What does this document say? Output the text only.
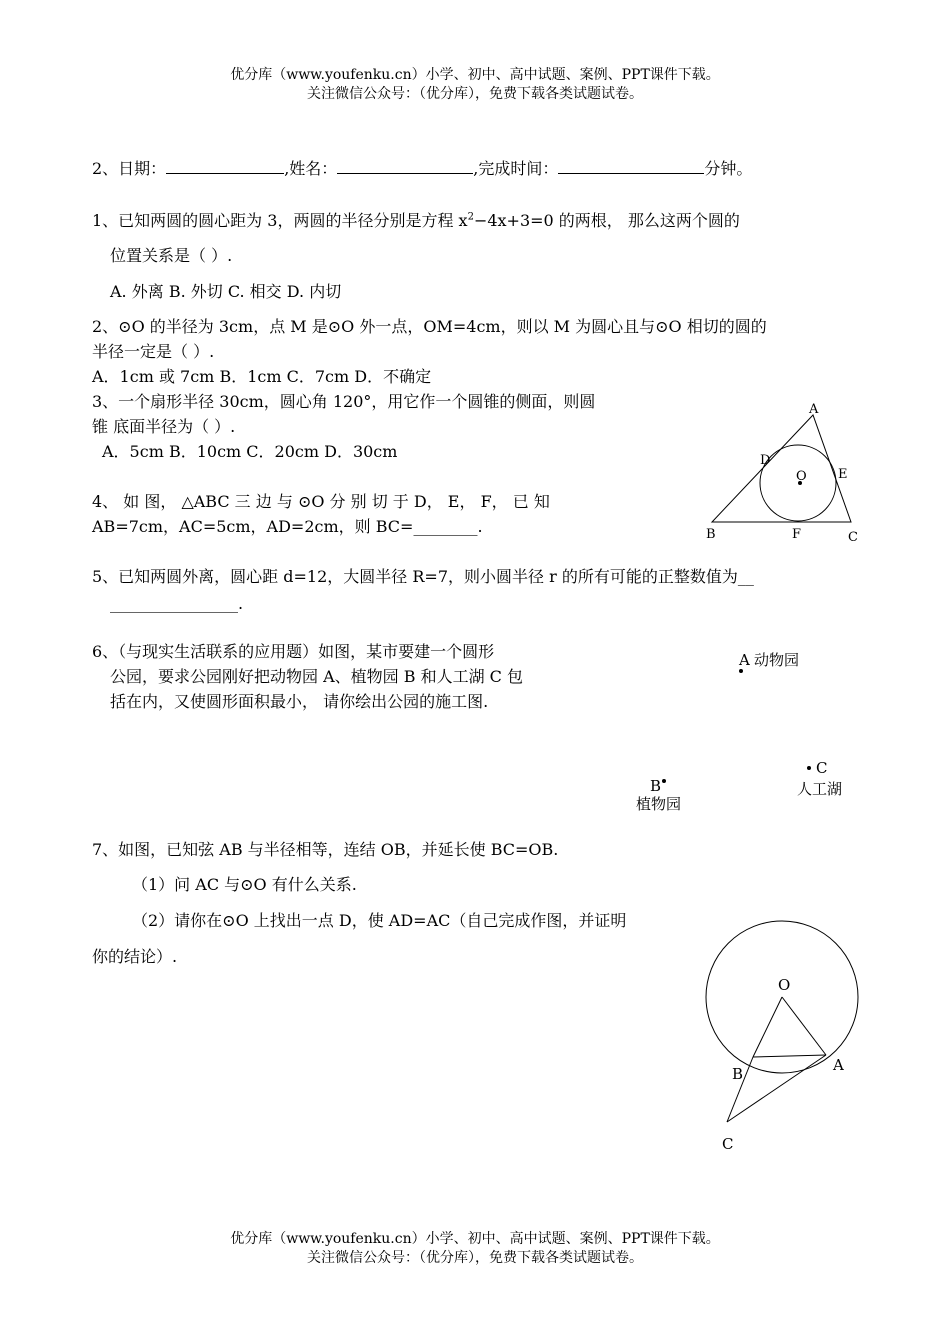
优分库（www.youfenku.cn）小学、初中、高中试题、案例、PPT课件下载。
关注微信公众号：（优分库），免费下载各类试题试卷。
2、日期：	,姓名：	,完成时间：	分钟。
1、已知两圆的圆心距为 3，两圆的半径分别是方程 $x^2-4x+3=0$ 的两根， 那么这两个圆的
位置关系是（ ）.
A. 外离 B. 外切 C. 相交 D. 内切
2、⊙O 的半径为 3cm，点 M 是⊙O 外一点，OM=4cm，则以 M 为圆心且与⊙O 相切的圆的
半径一定是（ ）.
A．1cm 或 7cm B．1cm C．7cm D．不确定
3、一个扇形半径 30cm，圆心角 120°，用它作一个圆锥的侧面，则圆
锥 底面半径为（ ）.
A．5cm B．10cm C．20cm D．30cm
A
D
E
O
B	F	C
4、 如 图， △ABC 三 边 与 ⊙O 分 别 切 于 D， E， F， 已 知
AB=7cm，AC=5cm，AD=2cm，则 BC=________.
5、已知两圆外离，圆心距 d=12，大圆半径 R=7，则小圆半径 r 的所有可能的正整数值为__
________________.
6、（与现实生活联系的应用题）如图，某市要建一个圆形
公园，要求公园刚好把动物园 A、植物园 B 和人工湖 C 包
括在内，又使圆形面积最小， 请你绘出公园的施工图.
A 动物园
C
人工湖
B
植物园
7、如图，已知弦 AB 与半径相等，连结 OB，并延长使 BC=OB.
（1）问 AC 与⊙O 有什么关系.
（2）请你在⊙O 上找出一点 D，使 AD=AC（自己完成作图，并证明
你的结论）.
O
A
B
C
优分库（www.youfenku.cn）小学、初中、高中试题、案例、PPT课件下载。
关注微信公众号：（优分库），免费下载各类试题试卷。
